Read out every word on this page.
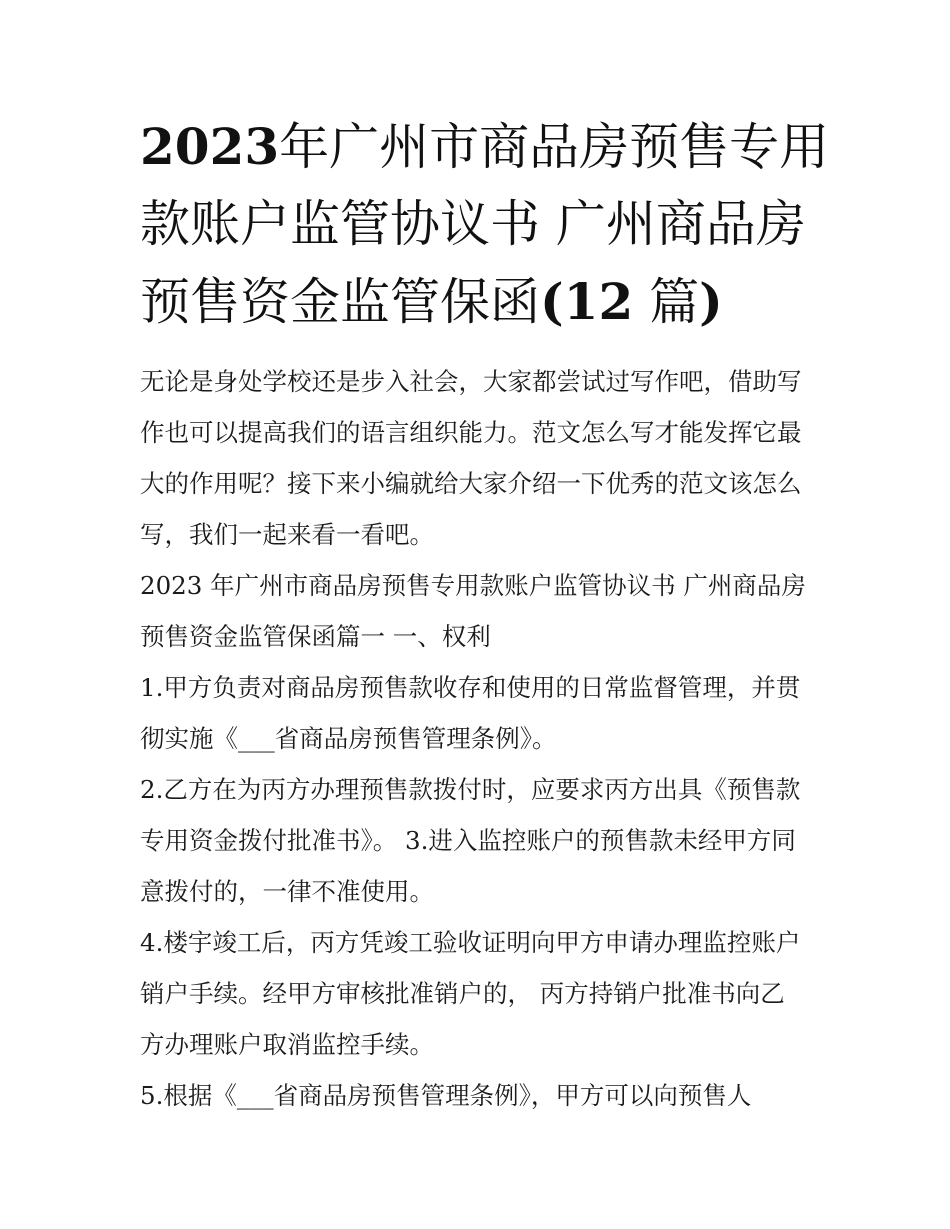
2023年广州市商品房预售专用
款账户监管协议书 广州商品房
预售资金监管保函(12 篇)
无论是身处学校还是步入社会，大家都尝试过写作吧，借助写
作也可以提高我们的语言组织能力。范文怎么写才能发挥它最
大的作用呢？接下来小编就给大家介绍一下优秀的范文该怎么
写，我们一起来看一看吧。
2023 年广州市商品房预售专用款账户监管协议书 广州商品房
预售资金监管保函篇一 一、权利
1.甲方负责对商品房预售款收存和使用的日常监督管理，并贯
彻实施《___省商品房预售管理条例》。
2.乙方在为丙方办理预售款拨付时，应要求丙方出具《预售款
专用资金拨付批准书》。 3.进入监控账户的预售款未经甲方同
意拨付的，一律不准使用。
4.楼宇竣工后，丙方凭竣工验收证明向甲方申请办理监控账户
销户手续。经甲方审核批准销户的， 丙方持销户批准书向乙
方办理账户取消监控手续。
5.根据《___省商品房预售管理条例》，甲方可以向预售人
